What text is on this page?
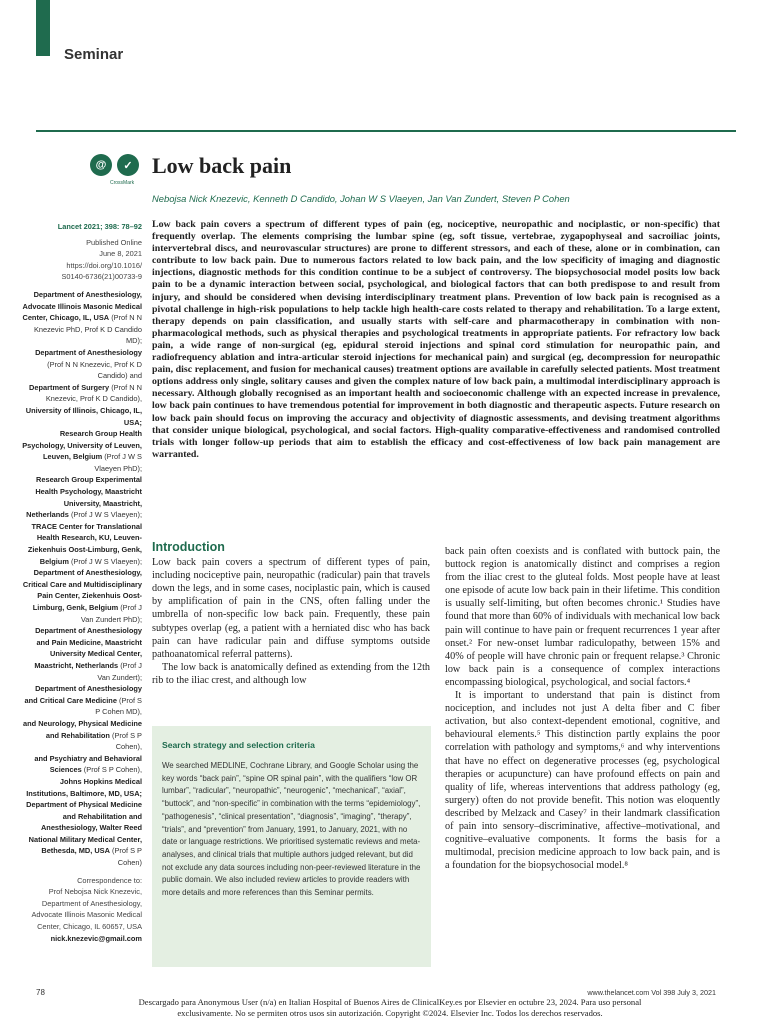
Seminar
@	✓
CrossMark
Low back pain
Nebojsa Nick Knezevic, Kenneth D Candido, Johan W S Vlaeyen, Jan Van Zundert, Steven P Cohen
Lancet 2021; 398: 78–92
Published Online
June 8, 2021
https://doi.org/10.1016/
S0140-6736(21)00733-9

Department of Anesthesiology, Advocate Illinois Masonic Medical Center, Chicago, IL, USA (Prof N N Knezevic PhD, Prof K D Candido MD);

Department of Anesthesiology (Prof N N Knezevic, Prof K D Candido) and

Department of Surgery (Prof N N Knezevic, Prof K D Candido),

University of Illinois, Chicago, IL, USA;

Research Group Health Psychology, University of Leuven, Leuven, Belgium (Prof J W S Vlaeyen PhD);

Research Group Experimental Health Psychology, Maastricht University, Maastricht, Netherlands (Prof J W S Vlaeyen);

TRACE Center for Translational Health Research, KU, Leuven-Ziekenhuis Oost-Limburg, Genk, Belgium (Prof J W S Vlaeyen);

Department of Anesthesiology, Critical Care and Multidisciplinary Pain Center, Ziekenhuis Oost-Limburg, Genk, Belgium (Prof J Van Zundert PhD);

Department of Anesthesiology and Pain Medicine, Maastricht University Medical Center, Maastricht, Netherlands (Prof J Van Zundert);

Department of Anesthesiology and Critical Care Medicine (Prof S P Cohen MD),

and Neurology, Physical Medicine and Rehabilitation (Prof S P Cohen),

and Psychiatry and Behavioral Sciences (Prof S P Cohen),

Johns Hopkins Medical Institutions, Baltimore, MD, USA;

Department of Physical Medicine and Rehabilitation and Anesthesiology, Walter Reed National Military Medical Center, Bethesda, MD, USA (Prof S P Cohen)

Correspondence to:
Prof Nebojsa Nick Knezevic, Department of Anesthesiology, Advocate Illinois Masonic Medical Center, Chicago, IL 60657, USA
nick.knezevic@gmail.com

Low back pain covers a spectrum of different types of pain (eg, nociceptive, neuropathic and nociplastic, or non-specific) that frequently overlap. The elements comprising the lumbar spine (eg, soft tissue, vertebrae, zygapophyseal and sacroiliac joints, intervertebral discs, and neurovascular structures) are prone to different stressors, and each of these, alone or in combination, can contribute to low back pain. Due to numerous factors related to low back pain, and the low specificity of imaging and diagnostic injections, diagnostic methods for this condition continue to be a subject of controversy. The biopsychosocial model posits low back pain to be a dynamic interaction between social, psychological, and biological factors that can both predispose to and result from injury, and should be considered when devising interdisciplinary treatment plans. Prevention of low back pain is recognised as a pivotal challenge in high-risk populations to help tackle high health-care costs related to therapy and rehabilitation. To a large extent, therapy depends on pain classification, and usually starts with self-care and pharmacotherapy in combination with non-pharmacological methods, such as physical therapies and psychological treatments in appropriate patients. For refractory low back pain, a wide range of non-surgical (eg, epidural steroid injections and spinal cord stimulation for neuropathic pain, and radiofrequency ablation and intra-articular steroid injections for mechanical pain) and surgical (eg, decompression for neuropathic pain, disc replacement, and fusion for mechanical causes) treatment options are available in carefully selected patients. Most treatment options address only single, solitary causes and given the complex nature of low back pain, a multimodal interdisciplinary approach is necessary. Although globally recognised as an important health and socioeconomic challenge with an expected increase in prevalence, low back pain continues to have tremendous potential for improvement in both diagnostic and therapeutic aspects. Future research on low back pain should focus on improving the accuracy and objectivity of diagnostic assessments, and devising treatment algorithms that consider unique biological, psychological, and social factors. High-quality comparative-effectiveness and randomised controlled trials with longer follow-up periods that aim to establish the efficacy and cost-effectiveness of low back pain management are warranted.

Introduction

Low back pain covers a spectrum of different types of pain, including nociceptive pain, neuropathic (radicular) pain that travels down the legs, and in some cases, nociplastic pain, which is caused by amplification of pain in the CNS, often falling under the umbrella of non-specific low back pain. Frequently, these pain subtypes overlap (eg, a patient with a herniated disc who has back pain can have radicular pain and diffuse symptoms outside pathoanatomical referral patterns).

The low back is anatomically defined as extending from the 12th rib to the iliac crest, and although low

Search strategy and selection criteria

We searched MEDLINE, Cochrane Library, and Google Scholar using the key words “back pain”, “spine OR spinal pain”, with the qualifiers “low OR lumbar”, “radicular”, “neuropathic”, “neurogenic”, “mechanical”, “axial”, “buttock”, and “non-specific” in combination with the terms “epidemiology”, “pathogenesis”, “clinical presentation”, “diagnosis”, “imaging”, “therapy”, “trials”, and “prevention” from January, 1991, to January, 2021, with no date or language restrictions. We prioritised systematic reviews and meta-analyses, and clinical trials that multiple authors judged relevant, but did not exclude any data sources including non-peer-reviewed literature in the public domain. We also included review articles to provide readers with more details and more references than this Seminar permits.

back pain often coexists and is conflated with buttock pain, the buttock region is anatomically distinct and comprises a region from the iliac crest to the gluteal folds. Most people have at least one episode of acute low back pain in their lifetime. This condition is usually self-limiting, but often becomes chronic.¹ Studies have found that more than 60% of individuals with mechanical low back pain will continue to have pain or frequent recurrences 1 year after onset.² For new-onset lumbar radiculopathy, between 15% and 40% of people will have chronic pain or frequent relapse.³ Chronic low back pain is a consequence of complex interactions encompassing biological, psychological, and social factors.⁴

It is important to understand that pain is distinct from nociception, and includes not just A delta fiber and C fiber activation, but also context-dependent emotional, cognitive, and behavioural elements.⁵ This distinction partly explains the poor correlation with pathology and symptoms,⁶ and why interventions that have no effect on degenerative processes (eg, psychological therapies or acupuncture) can have profound effects on pain and quality of life, whereas interventions that address pathology (eg, surgery) often do not provide benefit. This notion was eloquently described by Melzack and Casey⁷ in their landmark classification of pain into sensory–discriminative, affective–motivational, and cognitive–evaluative components. It forms the basis for a multimodal, precision medicine approach to low back pain, and is a foundation for the biopsychosocial model.⁸

78	www.thelancet.com Vol 398 July 3, 2021
Descargado para Anonymous User (n/a) en Italian Hospital of Buenos Aires de ClinicalKey.es por Elsevier en octubre 23, 2024. Para uso personal exclusivamente. No se permiten otros usos sin autorización. Copyright ©2024. Elsevier Inc. Todos los derechos reservados.
